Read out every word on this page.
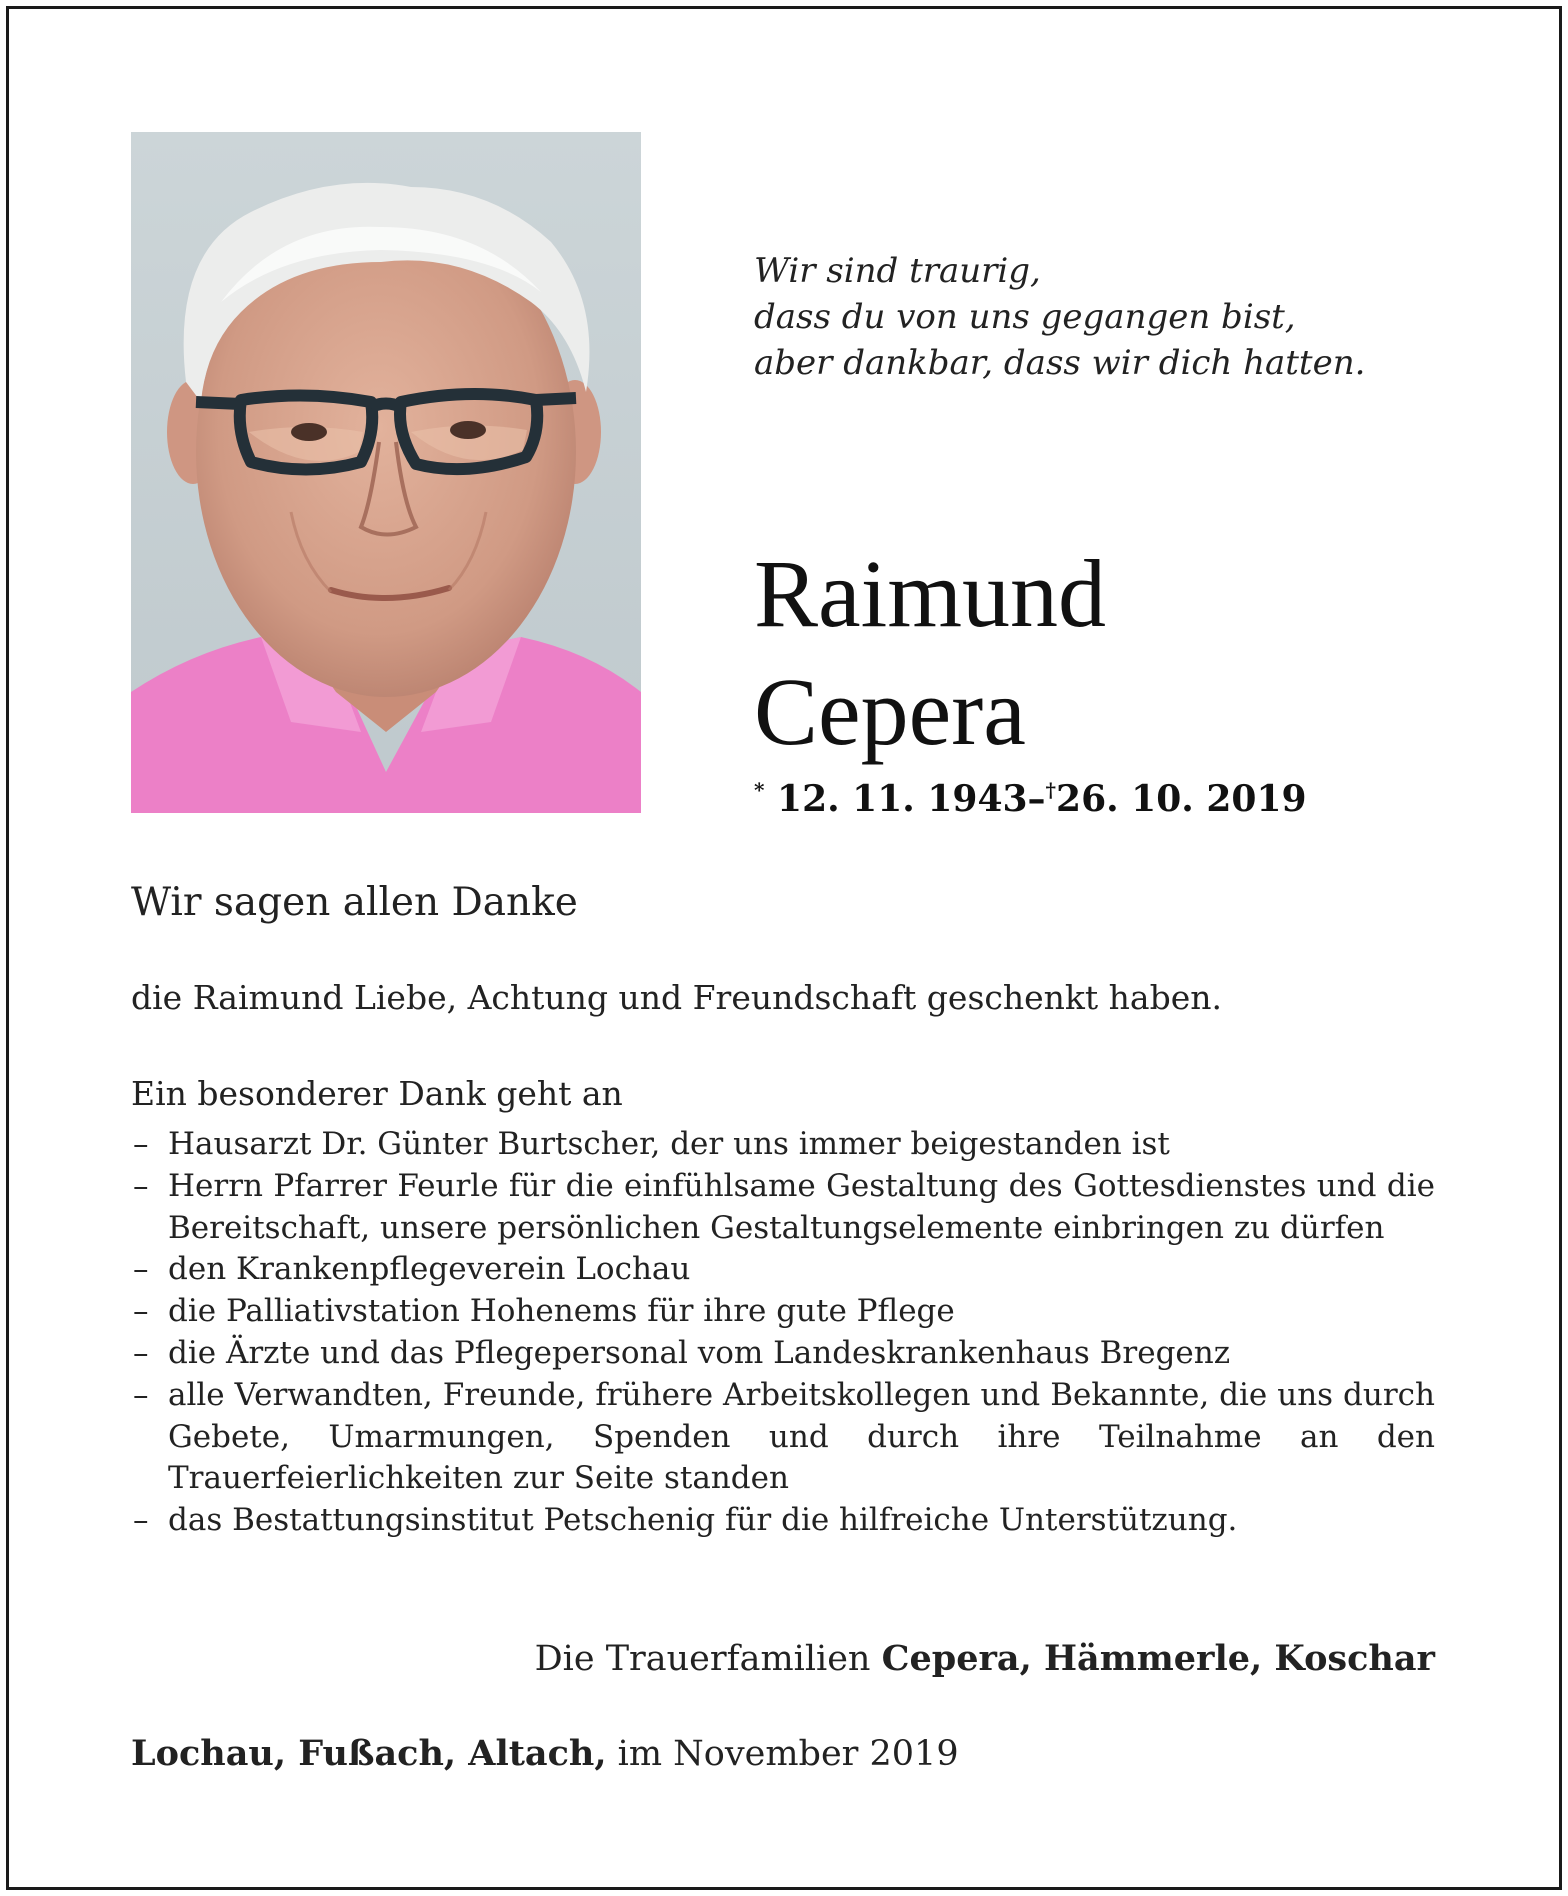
Wir sind traurig,
dass du von uns gegangen bist,
aber dankbar, dass wir dich hatten.
Raimund
Cepera
* 12. 11. 1943–†26. 10. 2019
Wir sagen allen Danke
die Raimund Liebe, Achtung und Freundschaft geschenkt haben.
Ein besonderer Dank geht an
– Hausarzt Dr. Günter Burtscher, der uns immer beigestanden ist
– Herrn Pfarrer Feurle für die einfühlsame Gestaltung des Gottesdienstes und die Bereitschaft, unsere persönlichen Gestaltungselemente einbringen zu dürfen
– den Krankenpflegeverein Lochau
– die Palliativstation Hohenems für ihre gute Pflege
– die Ärzte und das Pflegepersonal vom Landeskrankenhaus Bregenz
– alle Verwandten, Freunde, frühere Arbeitskollegen und Bekannte, die uns durch Gebete, Umarmungen, Spenden und durch ihre Teilnahme an den Trauerfeierlichkeiten zur Seite standen
– das Bestattungsinstitut Petschenig für die hilfreiche Unterstützung.
Die Trauerfamilien Cepera, Hämmerle, Koschar
Lochau, Fußach, Altach, im November 2019
